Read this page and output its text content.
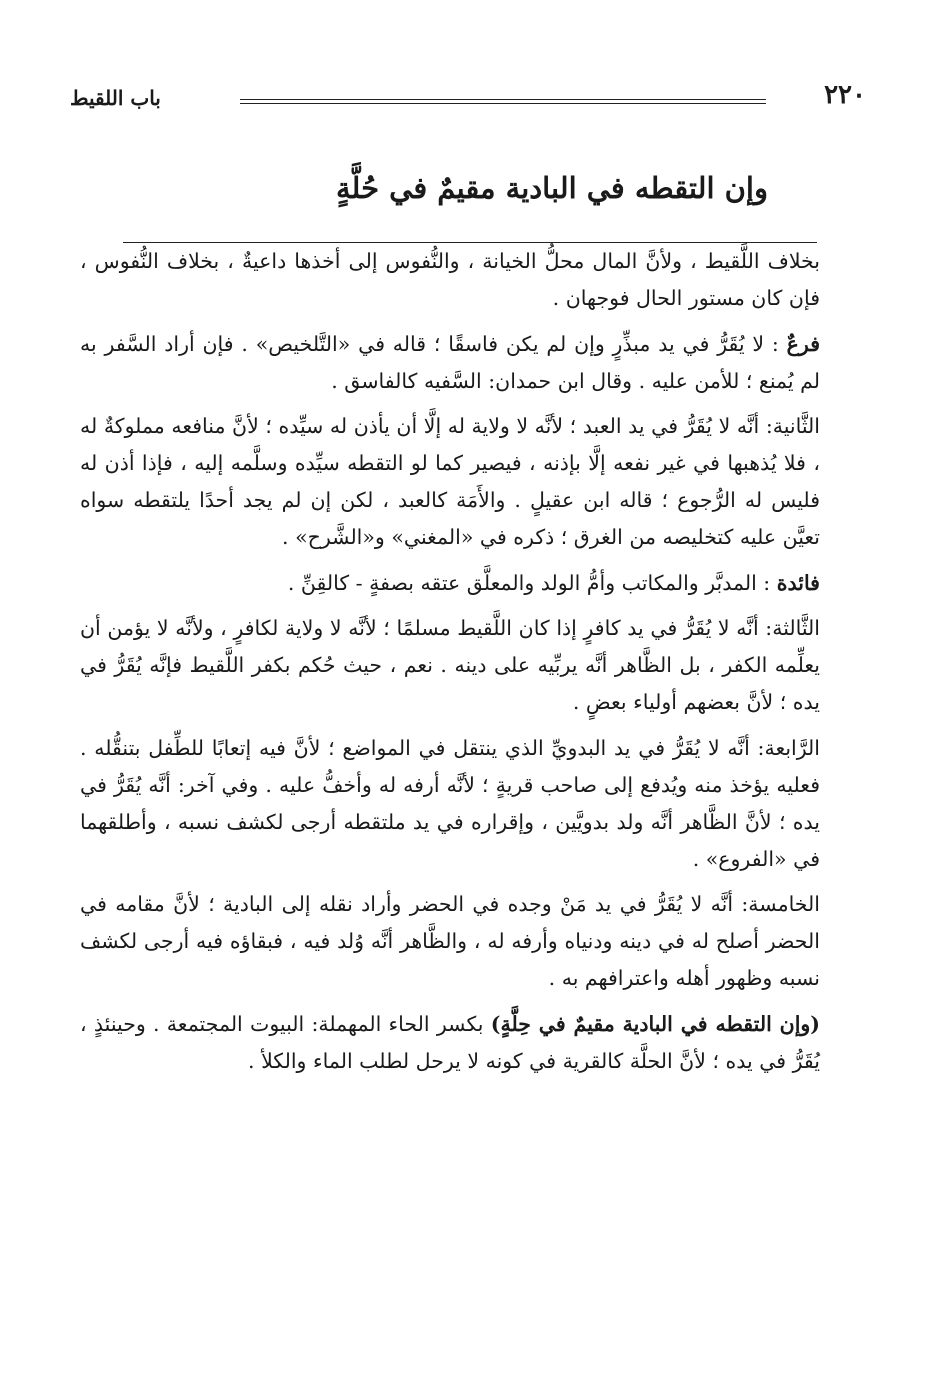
٢٢٠
باب اللقيط
وإن التقطه في البادية مقيمٌ في حُلَّةٍ

بخلاف اللَّقيط ، ولأنَّ المال محلُّ الخيانة ، والنُّفوس إلى أخذها داعيةٌ ، بخلاف النُّفوس ، فإن كان مستور الحال فوجهان .

فرعٌ : لا يُقَرُّ في يد مبذِّرٍ وإن لم يكن فاسقًا ؛ قاله في «التَّلخيص» . فإن أراد السَّفر به لم يُمنع ؛ للأمن عليه . وقال ابن حمدان: السَّفيه كالفاسق .

الثَّانية: أنَّه لا يُقَرُّ في يد العبد ؛ لأنَّه لا ولاية له إلَّا أن يأذن له سيِّده ؛ لأنَّ منافعه مملوكةٌ له ، فلا يُذهبها في غير نفعه إلَّا بإذنه ، فيصير كما لو التقطه سيِّده وسلَّمه إليه ، فإذا أذن له فليس له الرُّجوع ؛ قاله ابن عقيلٍ . والأَمَة كالعبد ، لكن إن لم يجد أحدًا يلتقطه سواه تعيَّن عليه كتخليصه من الغرق ؛ ذكره في «المغني» و«الشَّرح» .

فائدة : المدبَّر والمكاتب وأمُّ الولد والمعلَّق عتقه بصفةٍ - كالقِنِّ .

الثَّالثة: أنَّه لا يُقَرُّ في يد كافرٍ إذا كان اللَّقيط مسلمًا ؛ لأنَّه لا ولاية لكافرٍ ، ولأنَّه لا يؤمن أن يعلِّمه الكفر ، بل الظَّاهر أنَّه يربِّيه على دينه . نعم ، حيث حُكم بكفر اللَّقيط فإنَّه يُقَرُّ في يده ؛ لأنَّ بعضهم أولياء بعضٍ .

الرَّابعة: أنَّه لا يُقَرُّ في يد البدويِّ الذي ينتقل في المواضع ؛ لأنَّ فيه إتعابًا للطِّفل بتنقُّله . فعليه يؤخذ منه ويُدفع إلى صاحب قريةٍ ؛ لأنَّه أرفه له وأخفُّ عليه . وفي آخر: أنَّه يُقَرُّ في يده ؛ لأنَّ الظَّاهر أنَّه ولد بدويَّين ، وإقراره في يد ملتقطه أرجى لكشف نسبه ، وأطلقهما في «الفروع» .

الخامسة: أنَّه لا يُقَرُّ في يد مَنْ وجده في الحضر وأراد نقله إلى البادية ؛ لأنَّ مقامه في الحضر أصلح له في دينه ودنياه وأرفه له ، والظَّاهر أنَّه وُلد فيه ، فبقاؤه فيه أرجى لكشف نسبه وظهور أهله واعترافهم به .

(وإن التقطه في البادية مقيمٌ في حِلَّةٍ) بكسر الحاء المهملة: البيوت المجتمعة . وحينئذٍ ، يُقَرُّ في يده ؛ لأنَّ الحلَّة كالقرية في كونه لا يرحل لطلب الماء والكلأ .
